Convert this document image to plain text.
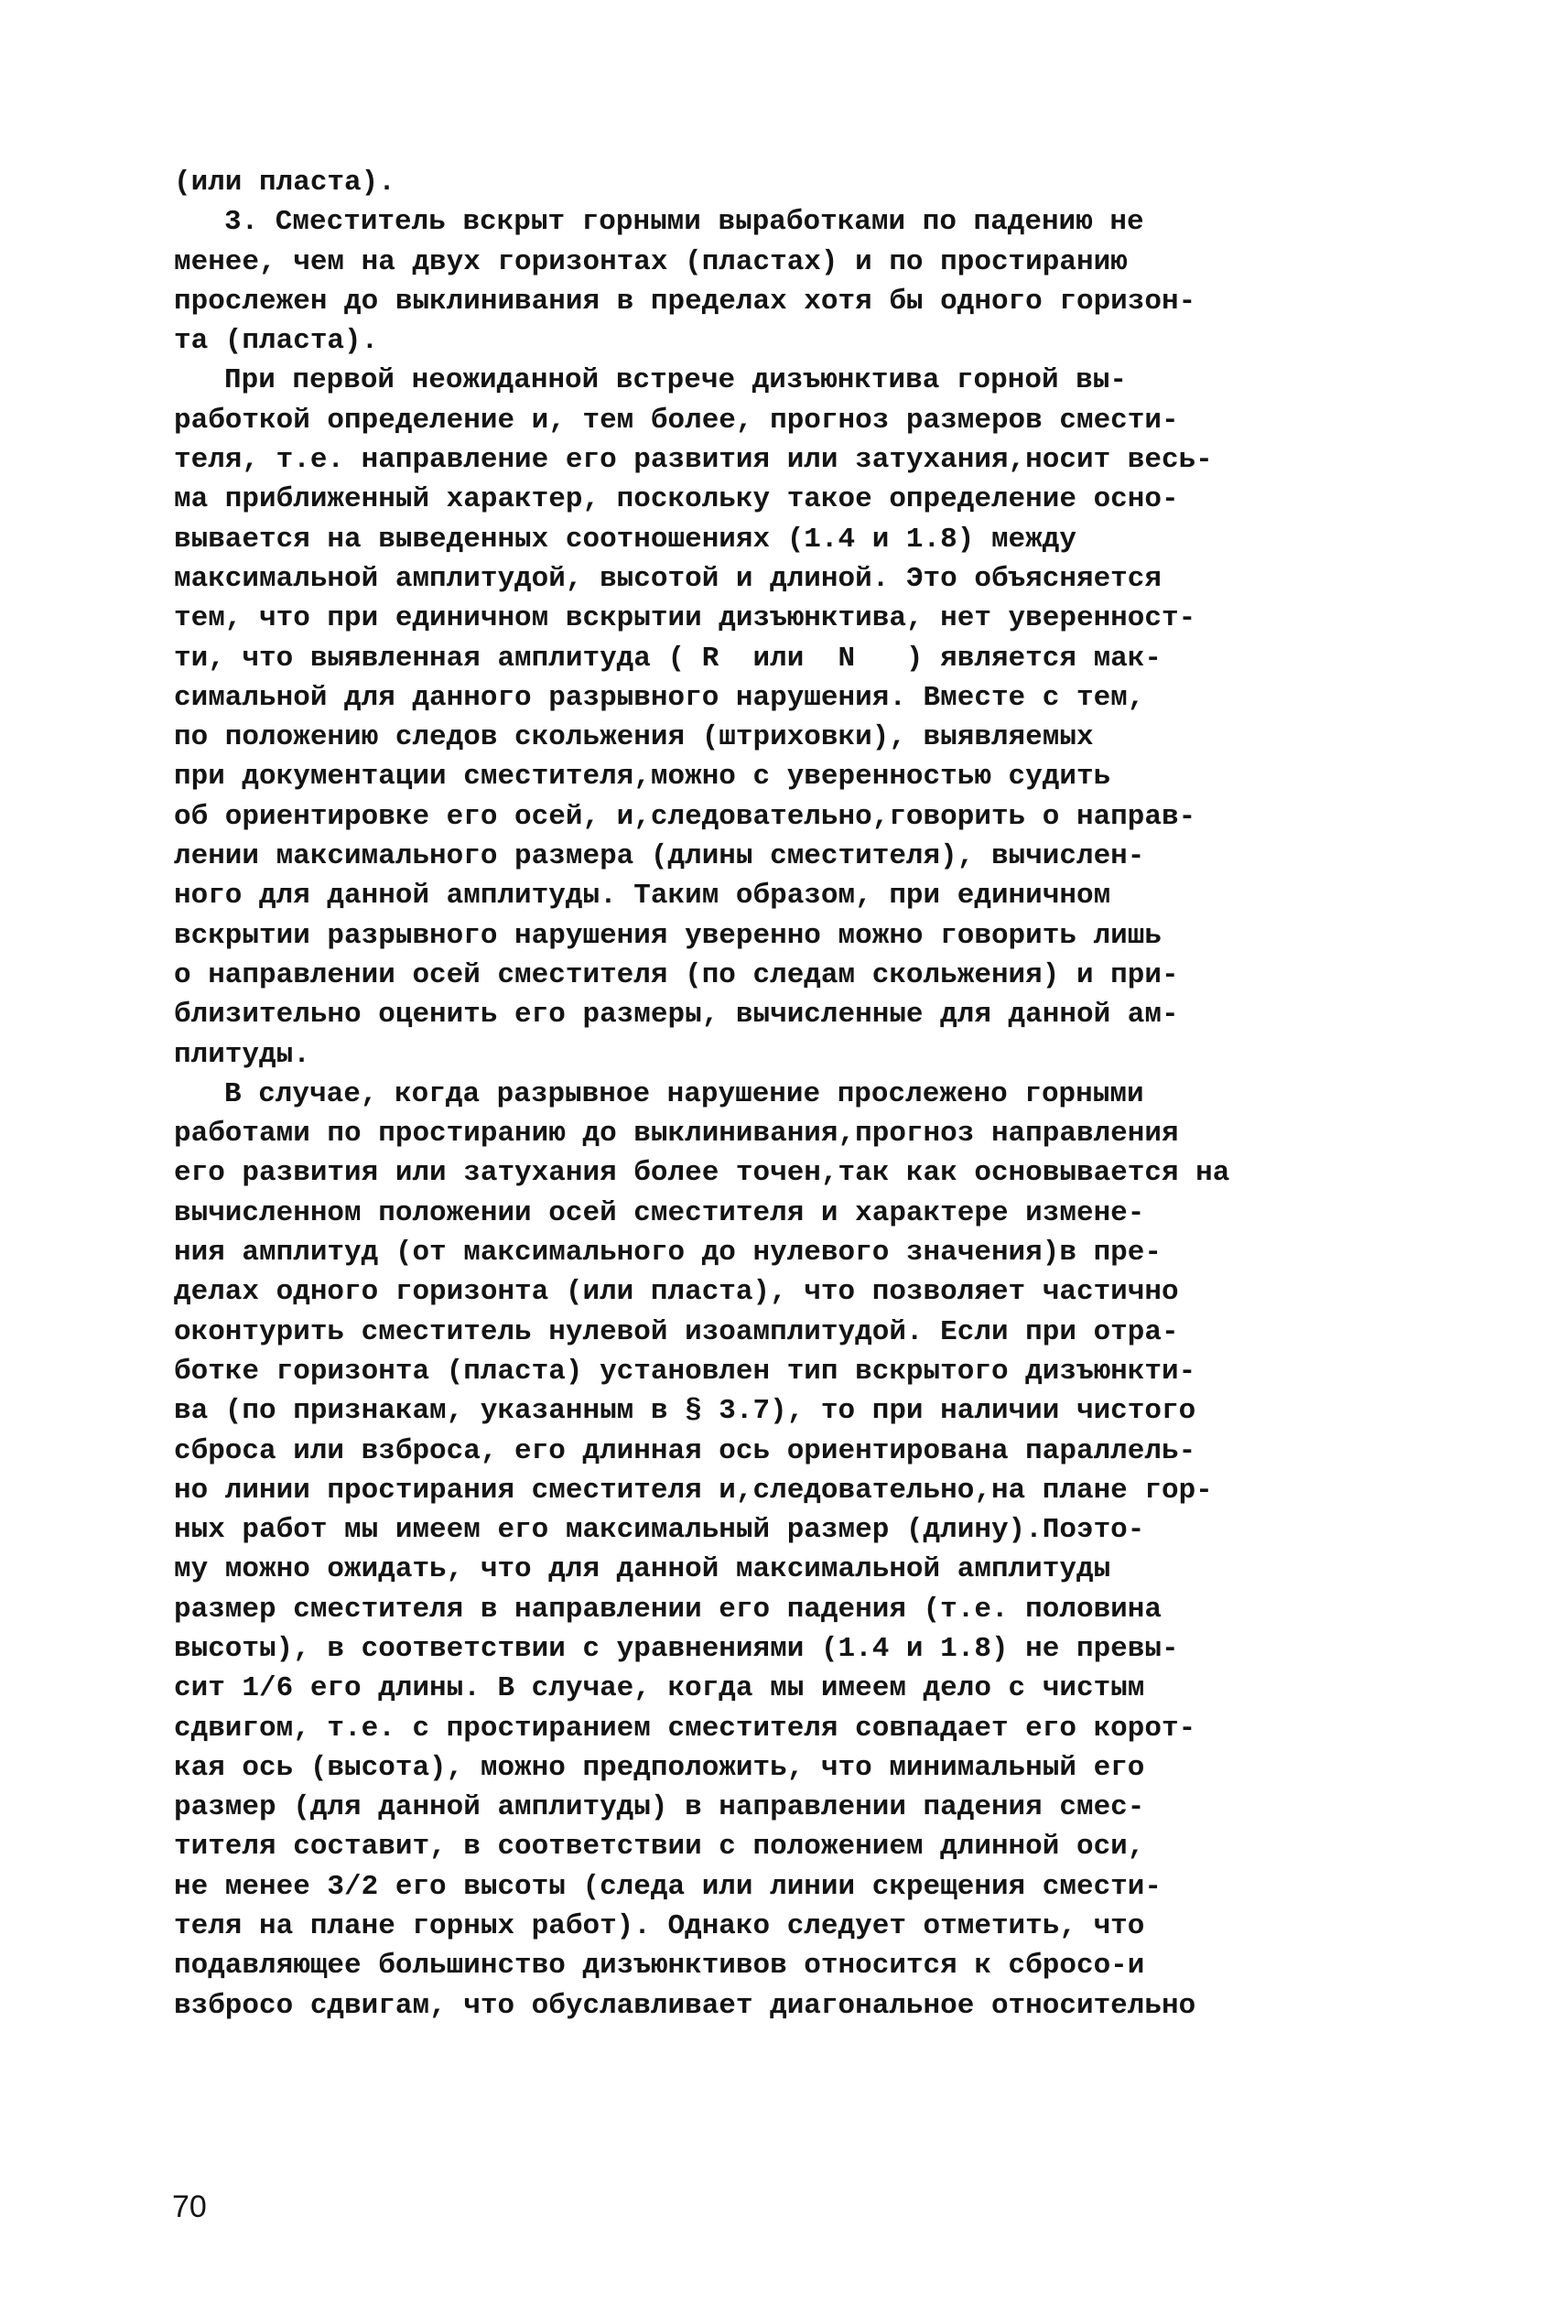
(или пласта).
3. Сместитель вскрыт горными выработками по падению не
менее, чем на двух горизонтах (пластах) и по простиранию
прослежен до выклинивания в пределах хотя бы одного горизон-
та (пласта).
При первой неожиданной встрече дизъюнктива горной вы-
работкой определение и, тем более, прогноз размеров смести-
теля, т.е. направление его развития или затухания,носит весь-
ма приближенный характер, поскольку такое определение осно-
вывается на выведенных соотношениях (1.4 и 1.8) между
максимальной амплитудой, высотой и длиной. Это объясняется
тем, что при единичном вскрытии дизъюнктива, нет уверенност-
ти, что выявленная амплитуда ( R  или  N   ) является мак-
симальной для данного разрывного нарушения. Вместе с тем,
по положению следов скольжения (штриховки), выявляемых
при документации сместителя,можно с уверенностью судить
об ориентировке его осей, и,следовательно,говорить о направ-
лении максимального размера (длины сместителя), вычислен-
ного для данной амплитуды. Таким образом, при единичном
вскрытии разрывного нарушения уверенно можно говорить лишь
о направлении осей сместителя (по следам скольжения) и при-
близительно оценить его размеры, вычисленные для данной ам-
плитуды.
В случае, когда разрывное нарушение прослежено горными
работами по простиранию до выклинивания,прогноз направления
его развития или затухания более точен,так как основывается на
вычисленном положении осей сместителя и характере измене-
ния амплитуд (от максимального до нулевого значения)в пре-
делах одного горизонта (или пласта), что позволяет частично
оконтурить сместитель нулевой изоамплитудой. Если при отра-
ботке горизонта (пласта) установлен тип вскрытого дизъюнкти-
ва (по признакам, указанным в § 3.7), то при наличии чистого
сброса или взброса, его длинная ось ориентирована параллель-
но линии простирания сместителя и,следовательно,на плане гор-
ных работ мы имеем его максимальный размер (длину).Поэто-
му можно ожидать, что для данной максимальной амплитуды
размер сместителя в направлении его падения (т.е. половина
высоты), в соответствии с уравнениями (1.4 и 1.8) не превы-
сит 1/6 его длины. В случае, когда мы имеем дело с чистым
сдвигом, т.е. с простиранием сместителя совпадает его корот-
кая ось (высота), можно предположить, что минимальный его
размер (для данной амплитуды) в направлении падения смес-
тителя составит, в соответствии с положением длинной оси,
не менее 3/2 его высоты (следа или линии скрещения смести-
теля на плане горных работ). Однако следует отметить, что
подавляющее большинство дизъюнктивов относится к сбросо-и
взбросо сдвигам, что обуславливает диагональное относительно
70
